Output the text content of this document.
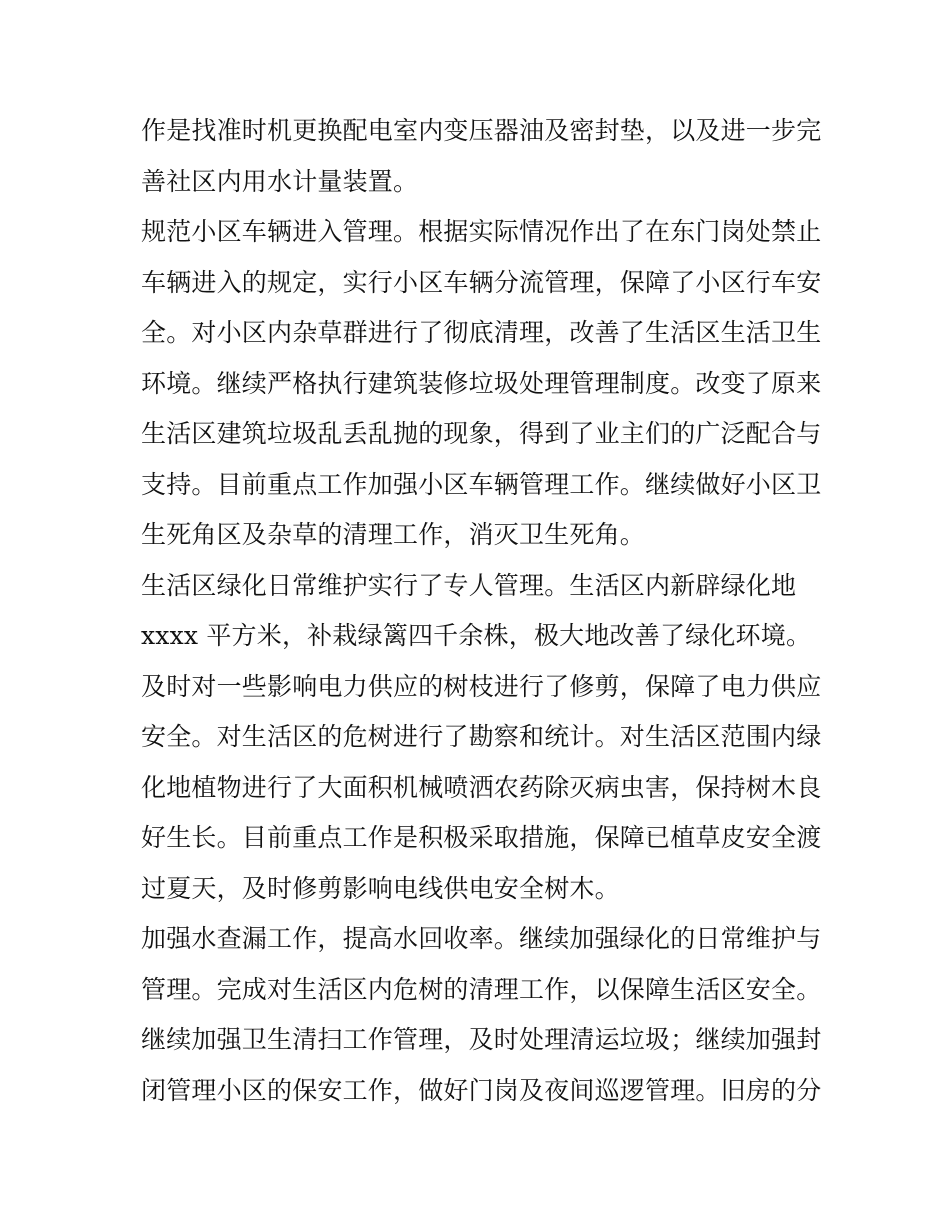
作是找准时机更换配电室内变压器油及密封垫，以及进一步完
善社区内用水计量装置。
规范小区车辆进入管理。根据实际情况作出了在东门岗处禁止
车辆进入的规定，实行小区车辆分流管理，保障了小区行车安
全。对小区内杂草群进行了彻底清理，改善了生活区生活卫生
环境。继续严格执行建筑装修垃圾处理管理制度。改变了原来
生活区建筑垃圾乱丢乱抛的现象，得到了业主们的广泛配合与
支持。目前重点工作加强小区车辆管理工作。继续做好小区卫
生死角区及杂草的清理工作，消灭卫生死角。
生活区绿化日常维护实行了专人管理。生活区内新辟绿化地
xxxx 平方米，补栽绿篱四千余株，极大地改善了绿化环境。
及时对一些影响电力供应的树枝进行了修剪，保障了电力供应
安全。对生活区的危树进行了勘察和统计。对生活区范围内绿
化地植物进行了大面积机械喷洒农药除灭病虫害，保持树木良
好生长。目前重点工作是积极采取措施，保障已植草皮安全渡
过夏天，及时修剪影响电线供电安全树木。
加强水查漏工作，提高水回收率。继续加强绿化的日常维护与
管理。完成对生活区内危树的清理工作，以保障生活区安全。
继续加强卫生清扫工作管理，及时处理清运垃圾；继续加强封
闭管理小区的保安工作，做好门岗及夜间巡逻管理。旧房的分
